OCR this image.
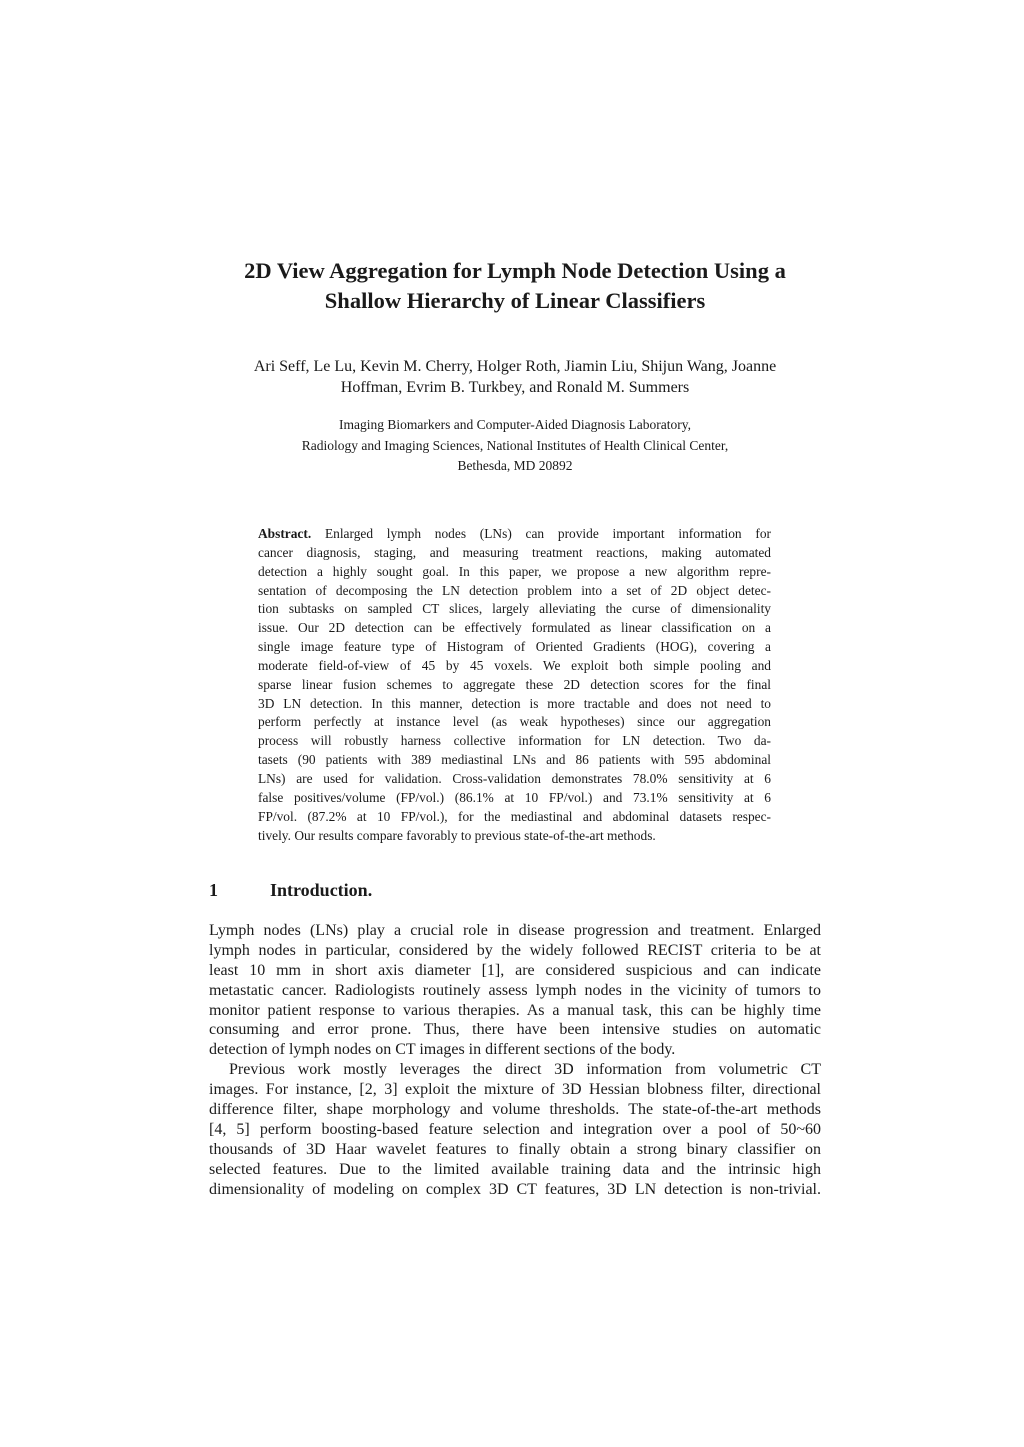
2D View Aggregation for Lymph Node Detection Using a
Shallow Hierarchy of Linear Classifiers
Ari Seff, Le Lu, Kevin M. Cherry, Holger Roth, Jiamin Liu, Shijun Wang, Joanne
Hoffman, Evrim B. Turkbey, and Ronald M. Summers
Imaging Biomarkers and Computer-Aided Diagnosis Laboratory,
Radiology and Imaging Sciences, National Institutes of Health Clinical Center,
Bethesda, MD 20892
Abstract. Enlarged lymph nodes (LNs) can provide important information for
cancer diagnosis, staging, and measuring treatment reactions, making automated
detection a highly sought goal. In this paper, we propose a new algorithm repre-
sentation of decomposing the LN detection problem into a set of 2D object detec-
tion subtasks on sampled CT slices, largely alleviating the curse of dimensionality
issue. Our 2D detection can be effectively formulated as linear classification on a
single image feature type of Histogram of Oriented Gradients (HOG), covering a
moderate field-of-view of 45 by 45 voxels. We exploit both simple pooling and
sparse linear fusion schemes to aggregate these 2D detection scores for the final
3D LN detection. In this manner, detection is more tractable and does not need to
perform perfectly at instance level (as weak hypotheses) since our aggregation
process will robustly harness collective information for LN detection. Two da-
tasets (90 patients with 389 mediastinal LNs and 86 patients with 595 abdominal
LNs) are used for validation. Cross-validation demonstrates 78.0% sensitivity at 6
false positives/volume (FP/vol.) (86.1% at 10 FP/vol.) and 73.1% sensitivity at 6
FP/vol. (87.2% at 10 FP/vol.), for the mediastinal and abdominal datasets respec-
tively. Our results compare favorably to previous state-of-the-art methods.
1	Introduction.
Lymph nodes (LNs) play a crucial role in disease progression and treatment. Enlarged
lymph nodes in particular, considered by the widely followed RECIST criteria to be at
least 10 mm in short axis diameter [1], are considered suspicious and can indicate
metastatic cancer. Radiologists routinely assess lymph nodes in the vicinity of tumors to
monitor patient response to various therapies. As a manual task, this can be highly time
consuming and error prone. Thus, there have been intensive studies on automatic
detection of lymph nodes on CT images in different sections of the body.
Previous work mostly leverages the direct 3D information from volumetric CT
images. For instance, [2, 3] exploit the mixture of 3D Hessian blobness filter, directional
difference filter, shape morphology and volume thresholds. The state-of-the-art methods
[4, 5] perform boosting-based feature selection and integration over a pool of 50~60
thousands of 3D Haar wavelet features to finally obtain a strong binary classifier on
selected features. Due to the limited available training data and the intrinsic high
dimensionality of modeling on complex 3D CT features, 3D LN detection is non-trivial.
